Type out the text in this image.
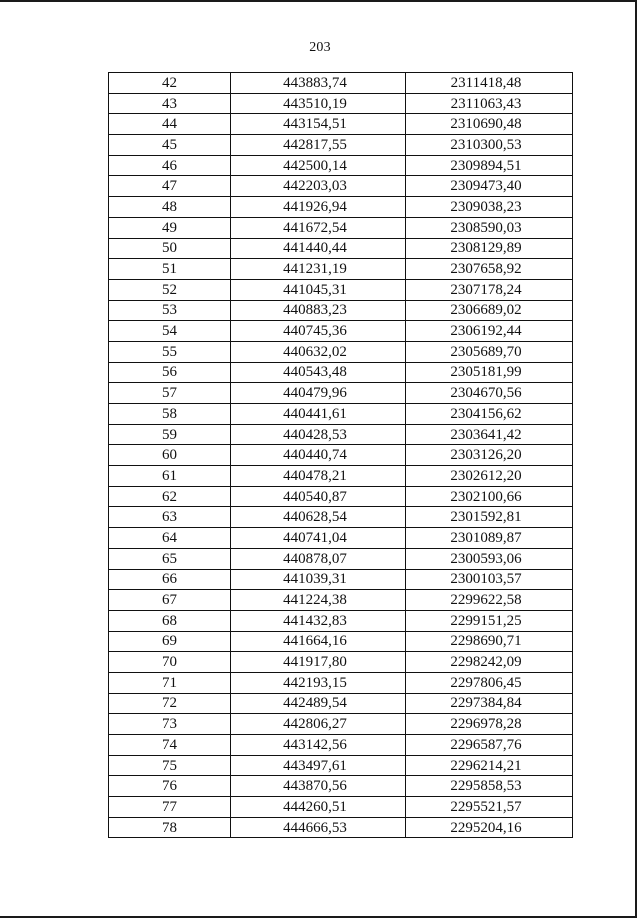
203
42	443883,74	2311418,48
43	443510,19	2311063,43
44	443154,51	2310690,48
45	442817,55	2310300,53
46	442500,14	2309894,51
47	442203,03	2309473,40
48	441926,94	2309038,23
49	441672,54	2308590,03
50	441440,44	2308129,89
51	441231,19	2307658,92
52	441045,31	2307178,24
53	440883,23	2306689,02
54	440745,36	2306192,44
55	440632,02	2305689,70
56	440543,48	2305181,99
57	440479,96	2304670,56
58	440441,61	2304156,62
59	440428,53	2303641,42
60	440440,74	2303126,20
61	440478,21	2302612,20
62	440540,87	2302100,66
63	440628,54	2301592,81
64	440741,04	2301089,87
65	440878,07	2300593,06
66	441039,31	2300103,57
67	441224,38	2299622,58
68	441432,83	2299151,25
69	441664,16	2298690,71
70	441917,80	2298242,09
71	442193,15	2297806,45
72	442489,54	2297384,84
73	442806,27	2296978,28
74	443142,56	2296587,76
75	443497,61	2296214,21
76	443870,56	2295858,53
77	444260,51	2295521,57
78	444666,53	2295204,16
